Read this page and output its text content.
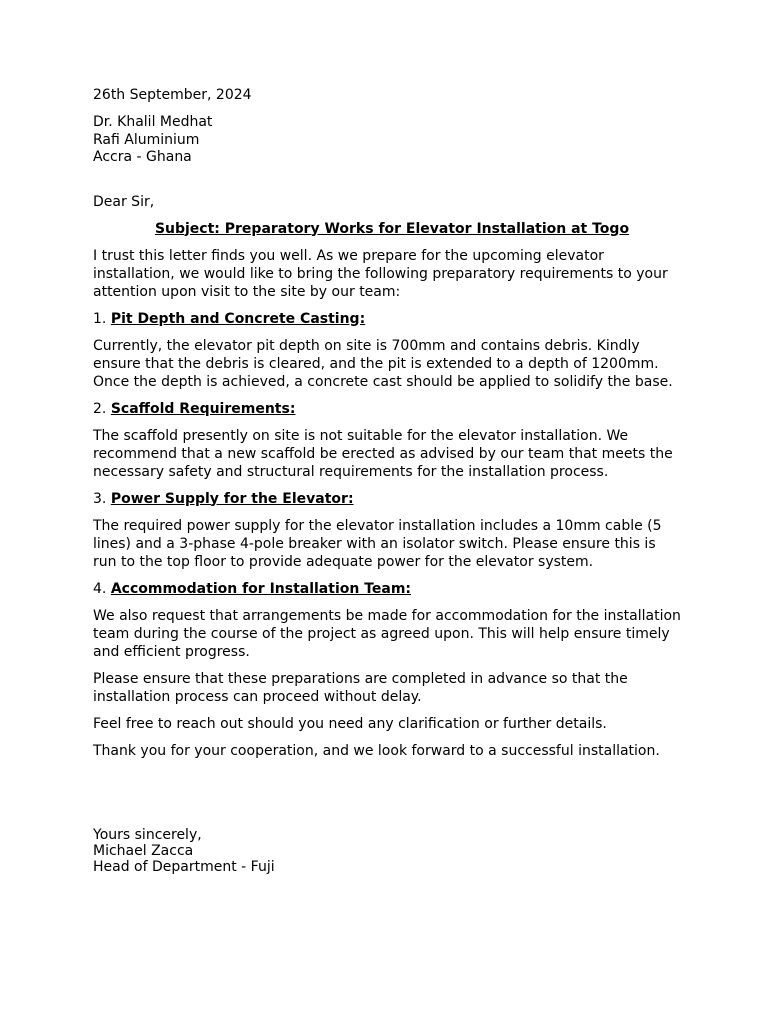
26th September, 2024
Dr. Khalil Medhat
Rafi Aluminium
Accra - Ghana

Dear Sir,

Subject: Preparatory Works for Elevator Installation at Togo

I trust this letter finds you well. As we prepare for the upcoming elevator installation, we would like to bring the following preparatory requirements to your attention upon visit to the site by our team:

1. Pit Depth and Concrete Casting:

Currently, the elevator pit depth on site is 700mm and contains debris. Kindly ensure that the debris is cleared, and the pit is extended to a depth of 1200mm. Once the depth is achieved, a concrete cast should be applied to solidify the base.

2. Scaffold Requirements:

The scaffold presently on site is not suitable for the elevator installation. We recommend that a new scaffold be erected as advised by our team that meets the necessary safety and structural requirements for the installation process.

3. Power Supply for the Elevator:

The required power supply for the elevator installation includes a 10mm cable (5 lines) and a 3-phase 4-pole breaker with an isolator switch. Please ensure this is run to the top floor to provide adequate power for the elevator system.

4. Accommodation for Installation Team:

We also request that arrangements be made for accommodation for the installation team during the course of the project as agreed upon. This will help ensure timely and efficient progress.

Please ensure that these preparations are completed in advance so that the installation process can proceed without delay.

Feel free to reach out should you need any clarification or further details.

Thank you for your cooperation, and we look forward to a successful installation.

Yours sincerely,
Michael Zacca
Head of Department - Fuji
